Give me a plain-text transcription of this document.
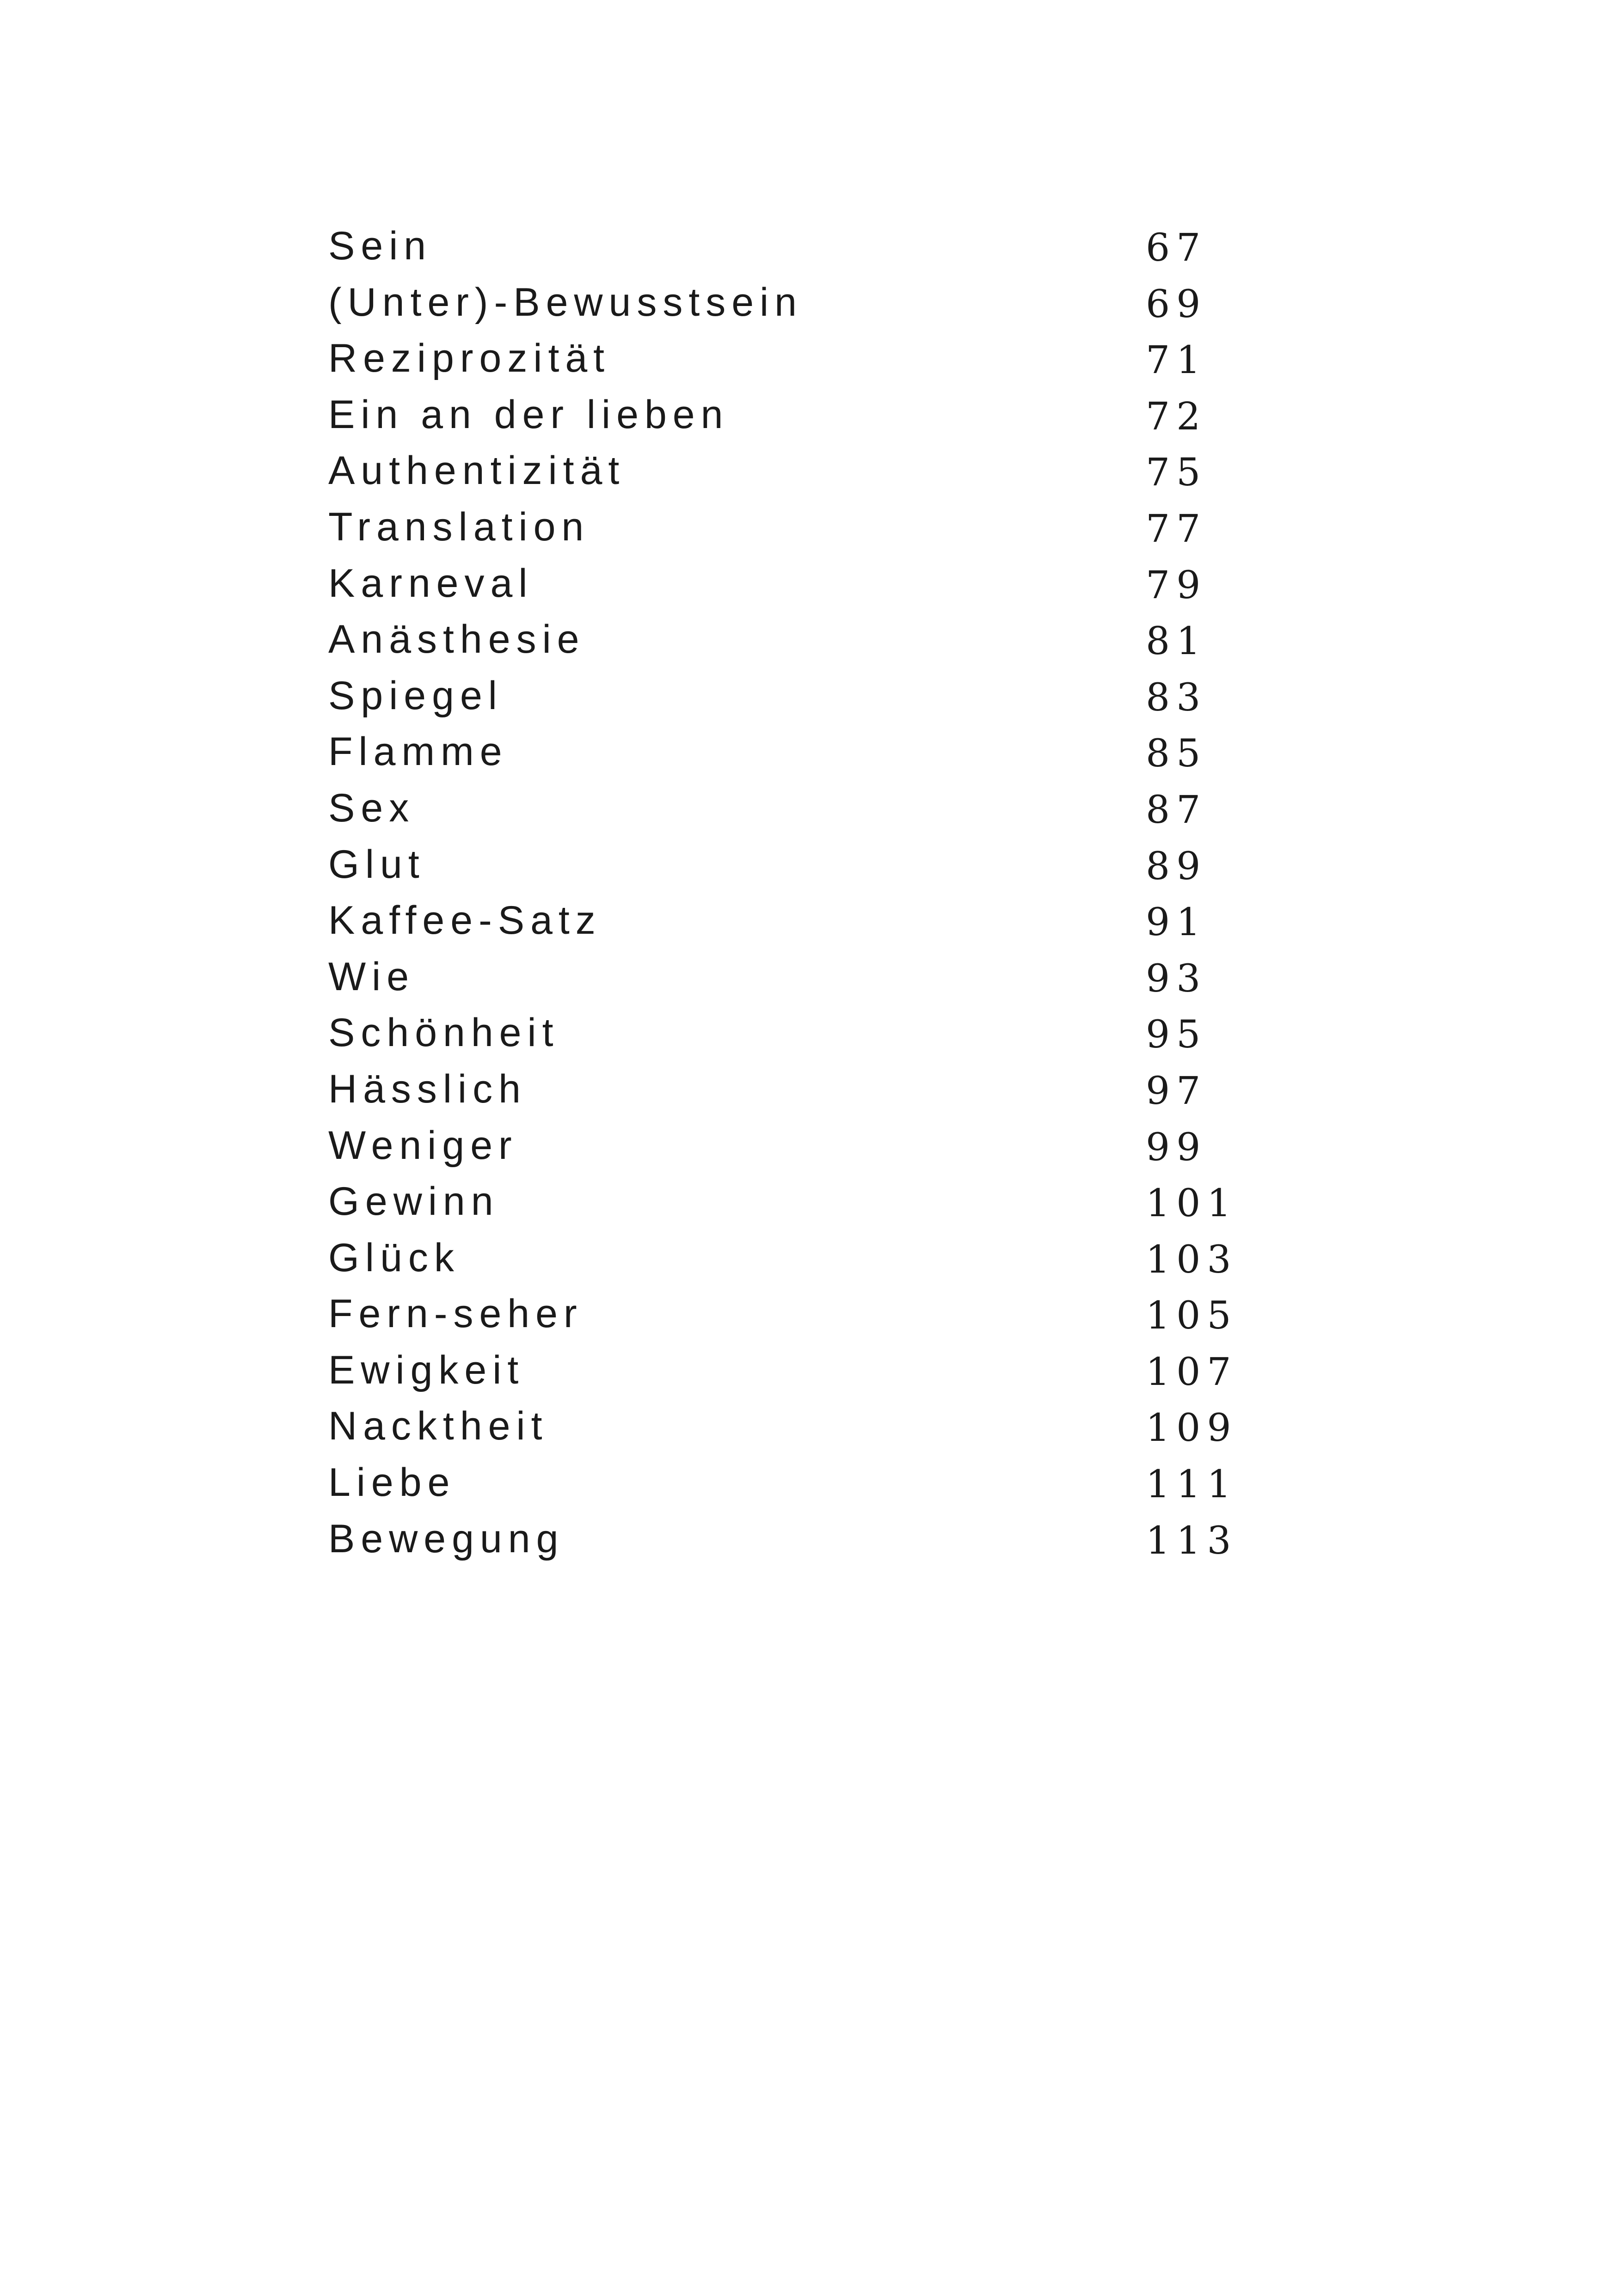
Sein	67
(Unter)-Bewusstsein	69
Reziprozität	71
Ein an der lieben	72
Authentizität	75
Translation	77
Karneval	79
Anästhesie	81
Spiegel	83
Flamme	85
Sex	87
Glut	89
Kaffee-Satz	91
Wie	93
Schönheit	95
Hässlich	97
Weniger	99
Gewinn	101
Glück	103
Fern-seher	105
Ewigkeit	107
Nacktheit	109
Liebe	111
Bewegung	113
